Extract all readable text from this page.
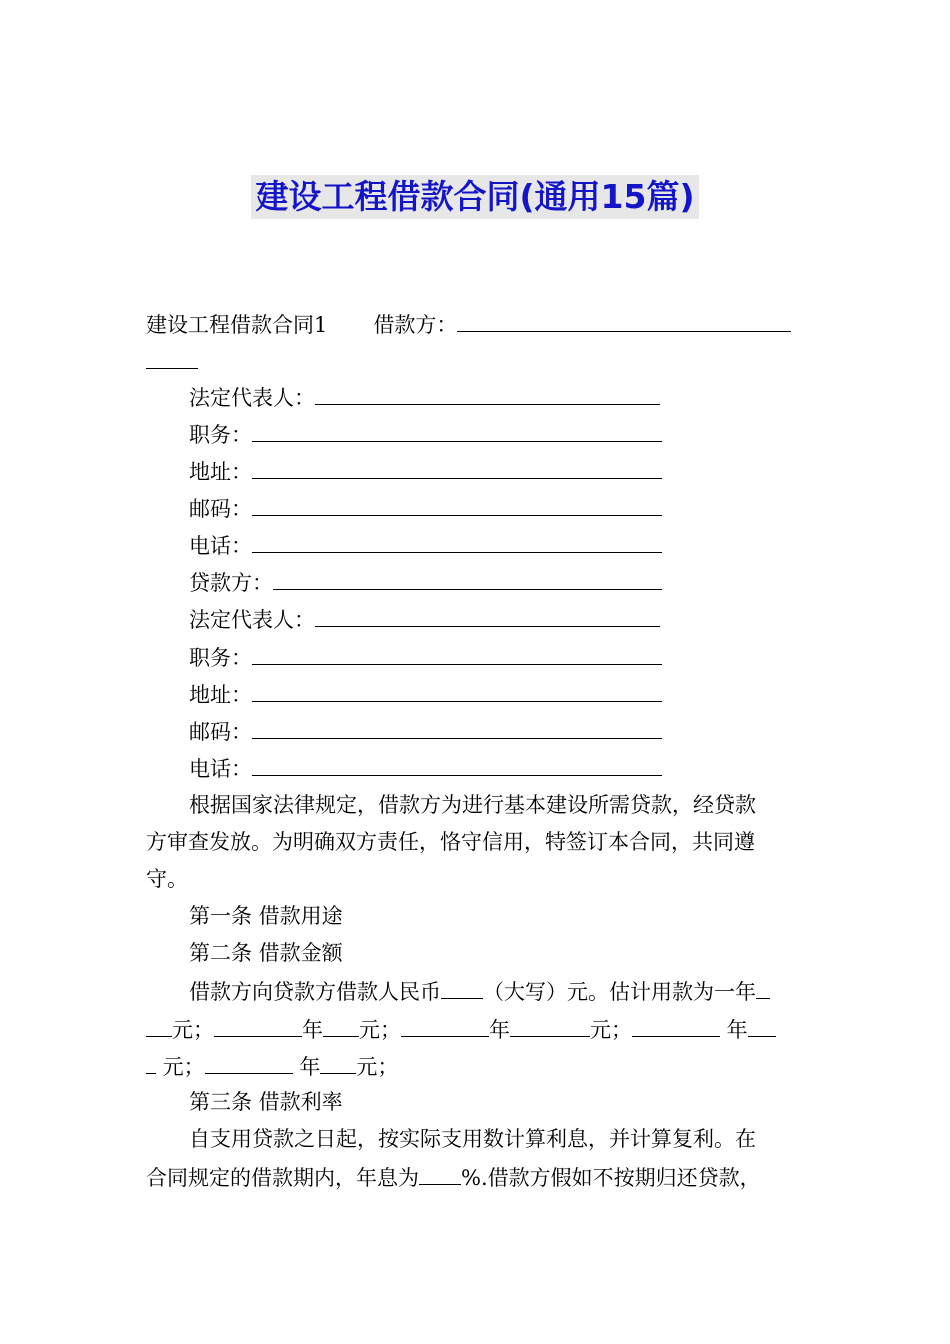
建设工程借款合同(通用15篇)
建设工程借款合同1 借款方：
法定代表人：
职务：
地址：
邮码：
电话：
贷款方：
法定代表人：
职务：
地址：
邮码：
电话：
根据国家法律规定，借款方为进行基本建设所需贷款，经贷款
方审查发放。为明确双方责任，恪守信用，特签订本合同，共同遵
守。
第一条 借款用途
第二条 借款金额
借款方向贷款方借款人民币 （大写）元。估计用款为一年
元；	年 元；	年	元；	年
元；	年 元；
第三条 借款利率
自支用贷款之日起，按实际支用数计算利息，并计算复利。在
合同规定的借款期内，年息为 %.借款方假如不按期归还贷款，
